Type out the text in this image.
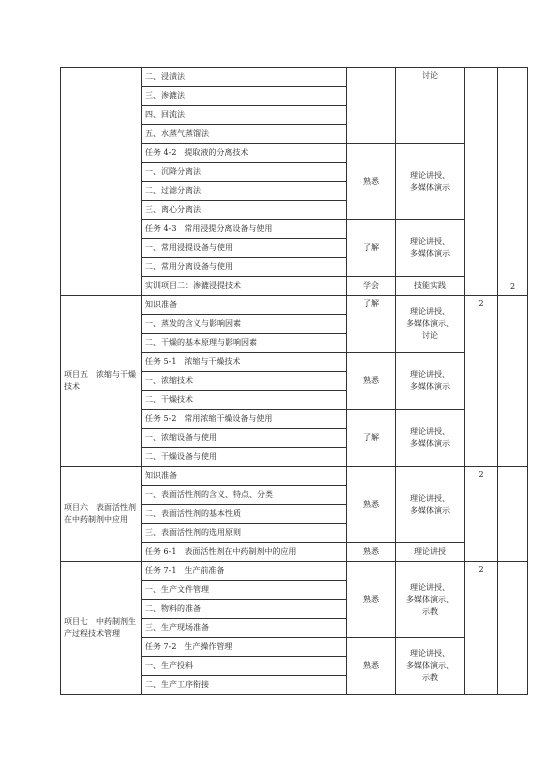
	二、浸渍法		讨论		2
	三、渗漉法				
	四、回流法				
	五、水蒸气蒸馏法				
	任务 4-2　提取液的分离技术	熟悉	理论讲授、
多媒体演示		
	一、沉降分离法				
	二、过滤分离法				
	三、离心分离法				
	任务 4-3　常用浸提分离设备与使用	了解	理论讲授、
多媒体演示		
	一、常用浸提设备与使用				
	二、常用分离设备与使用				
	实训项目二：渗漉浸提技术	学会	技能实践		
项目五　浓缩与干燥技术	知识准备	了解	理论讲授、
多媒体演示、
讨论	2	
	一、蒸发的含义与影响因素				
	二、干燥的基本原理与影响因素				
	任务 5-1　浓缩与干燥技术	熟悉	理论讲授、
多媒体演示		
	一、浓缩技术				
	二、干燥技术				
	任务 5-2　常用浓缩干燥设备与使用	了解	理论讲授、
多媒体演示		
	一、浓缩设备与使用				
	二、干燥设备与使用				
项目六　表面活性剂在中药制剂中应用	知识准备	熟悉	理论讲授、
多媒体演示	2	
	一、表面活性剂的含义、特点、分类				
	二、表面活性剂的基本性质				
	三、表面活性剂的选用原则				
	任务 6-1　表面活性剂在中药制剂中的应用	熟悉	理论讲授		
项目七　中药制剂生产过程技术管理	任务 7-1　生产前准备	熟悉	理论讲授、
多媒体演示、
示教	2	
	一、生产文件管理				
	二、物料的准备				
	三、生产现场准备				
	任务 7-2　生产操作管理	熟悉	理论讲授、
多媒体演示、
示教		
	一、生产投料				
	二、生产工序衔接				
